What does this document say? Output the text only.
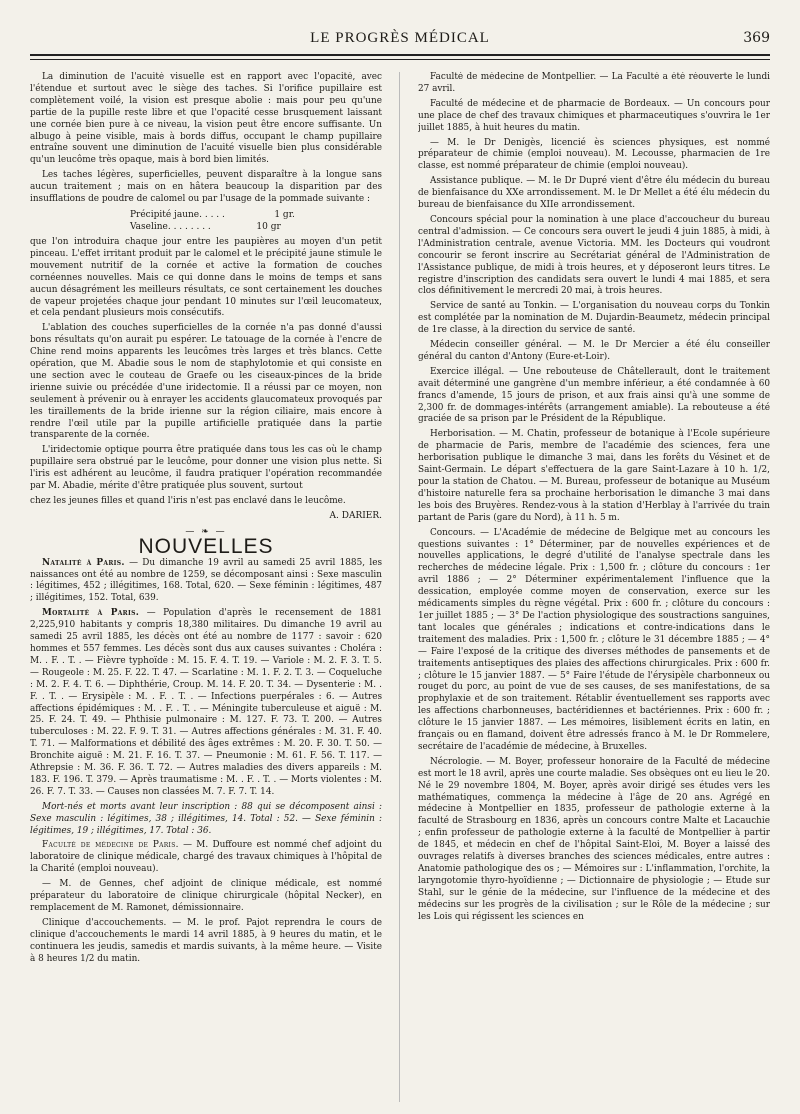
LE PROGRÈS MÉDICAL	369

La diminution de l'acuité visuelle est en rapport avec l'opacité, avec l'étendue et surtout avec le siège des taches. Si l'orifice pupillaire est complètement voilé, la vision est presque abolie : mais pour peu qu'une partie de la pupille reste libre et que l'opacité cesse brusquement laissant une cornée bien pure à ce niveau, la vision peut être encore suffisante. Un albugo à peine visible, mais à bords diffus, occupant le champ pupillaire entraîne souvent une diminution de l'acuité visuelle bien plus considérable qu'un leucôme très opaque, mais à bord bien limités.

Les taches légères, superficielles, peuvent disparaître à la longue sans aucun traitement ; mais on en hâtera beaucoup la disparition par des insufflations de poudre de calomel ou par l'usage de la pommade suivante :

Précipité jaune. . . . .	1 gr.
Vaseline. . . . . . . .	10 gr

que l'on introduira chaque jour entre les paupières au moyen d'un petit pinceau. L'effet irritant produit par le calomel et le précipité jaune stimule le mouvement nutritif de la cornée et active la formation de couches cornéennes nouvelles. Mais ce qui donne dans le moins de temps et sans aucun désagrément les meilleurs résultats, ce sont certainement les douches de vapeur projetées chaque jour pendant 10 minutes sur l'œil leucomateux, et cela pendant plusieurs mois consécutifs.

L'ablation des couches superficielles de la cornée n'a pas donné d'aussi bons résultats qu'on aurait pu espérer. Le tatouage de la cornée à l'encre de Chine rend moins apparents les leucômes très larges et très blancs. Cette opération, que M. Abadie sous le nom de staphylotomie et qui consiste en une section avec le couteau de Graefe ou les ciseaux-pinces de la bride irienne suivie ou précédée d'une iridectomie. Il a réussi par ce moyen, non seulement à prévenir ou à enrayer les accidents glaucomateux provoqués par les tiraillements de la bride irienne sur la région ciliaire, mais encore à rendre l'œil utile par la pupille artificielle pratiquée dans la partie transparente de la cornée.

L'iridectomie optique pourra être pratiquée dans tous les cas où le champ pupillaire sera obstrué par le leucôme, pour donner une vision plus nette. Si l'iris est adhérent au leucôme, il faudra pratiquer l'opération recommandée par M. Abadie, mérite d'être pratiquée plus souvent, surtout

chez les jeunes filles et quand l'iris n'est pas enclavé dans le leucôme.

A. DARIER.
— ❧ —
NOUVELLES

Natalité à Paris. — Du dimanche 19 avril au samedi 25 avril 1885, les naissances ont été au nombre de 1259, se décomposant ainsi : Sexe masculin : légitimes, 452 ; illégitimes, 168. Total, 620. — Sexe féminin : légitimes, 487 ; illégitimes, 152. Total, 639.

Mortalité à Paris. — Population d'après le recensement de 1881 2,225,910 habitants y compris 18,380 militaires. Du dimanche 19 avril au samedi 25 avril 1885, les décès ont été au nombre de 1177 : savoir : 620 hommes et 557 femmes. Les décès sont dus aux causes suivantes : Choléra : M. . F. . T. . — Fièvre typhoïde : M. 15. F. 4. T. 19. — Variole : M. 2. F. 3. T. 5. — Rougeole : M. 25. F. 22. T. 47. — Scarlatine : M. 1. F. 2. T. 3. — Coqueluche : M. 2. F. 4. T. 6. — Diphthérie, Croup. M. 14. F. 20. T. 34. — Dysenterie : M. . F. . T. . — Erysipèle : M. . F. . T. . — Infections puerpérales : 6. — Autres affections épidémiques : M. . F. . T. . — Méningite tuberculeuse et aiguë : M. 25. F. 24. T. 49. — Phthisie pulmonaire : M. 127. F. 73. T. 200. — Autres tuberculoses : M. 22. F. 9. T. 31. — Autres affections générales : M. 31. F. 40. T. 71. — Malformations et débilité des âges extrêmes : M. 20. F. 30. T. 50. — Bronchite aiguë : M. 21. F. 16. T. 37. — Pneumonie : M. 61. F. 56. T. 117. — Athrepsie : M. 36. F. 36. T. 72. — Autres maladies des divers appareils : M. 183. F. 196. T. 379. — Après traumatisme : M. . F. . T. . — Morts violentes : M. 26. F. 7. T. 33. — Causes non classées M. 7. F. 7. T. 14.

Mort-nés et morts avant leur inscription : 88 qui se décomposent ainsi : Sexe masculin : légitimes, 38 ; illégitimes, 14. Total : 52. — Sexe féminin : légitimes, 19 ; illégitimes, 17. Total : 36.

Faculté de médecine de Paris. — M. Duffoure est nommé chef adjoint du laboratoire de clinique médicale, chargé des travaux chimiques à l'hôpital de la Charité (emploi nouveau).

— M. de Gennes, chef adjoint de clinique médicale, est nommé préparateur du laboratoire de clinique chirurgicale (hôpital Necker), en remplacement de M. Ramonet, démissionnaire.

Clinique d'accouchements. — M. le prof. Pajot reprendra le cours de clinique d'accouchements le mardi 14 avril 1885, à 9 heures du matin, et le continuera les jeudis, samedis et mardis suivants, à la même heure. — Visite à 8 heures 1/2 du matin.

Faculté de médecine de Montpellier. — La Faculté a été réouverte le lundi 27 avril.

Faculté de médecine et de pharmacie de Bordeaux. — Un concours pour une place de chef des travaux chimiques et pharmaceutiques s'ouvrira le 1er juillet 1885, à huit heures du matin.

— M. le Dr Denigès, licencié ès sciences physiques, est nommé préparateur de chimie (emploi nouveau). M. Lecousse, pharmacien de 1re classe, est nommé préparateur de chimie (emploi nouveau).

Assistance publique. — M. le Dr Dupré vient d'être élu médecin du bureau de bienfaisance du XXe arrondissement. M. le Dr Mellet a été élu médecin du bureau de bienfaisance du XIIe arrondissement.

Concours spécial pour la nomination à une place d'accoucheur du bureau central d'admission. — Ce concours sera ouvert le jeudi 4 juin 1885, à midi, à l'Administration centrale, avenue Victoria. MM. les Docteurs qui voudront concourir se feront inscrire au Secrétariat général de l'Administration de l'Assistance publique, de midi à trois heures, et y déposeront leurs titres. Le registre d'inscription des candidats sera ouvert le lundi 4 mai 1885, et sera clos définitivement le mercredi 20 mai, à trois heures.

Service de santé au Tonkin. — L'organisation du nouveau corps du Tonkin est complétée par la nomination de M. Dujardin-Beaumetz, médecin principal de 1re classe, à la direction du service de santé.

Médecin conseiller général. — M. le Dr Mercier a été élu conseiller général du canton d'Antony (Eure-et-Loir).

Exercice illégal. — Une rebouteuse de Châtellerault, dont le traitement avait déterminé une gangrène d'un membre inférieur, a été condamnée à 60 francs d'amende, 15 jours de prison, et aux frais ainsi qu'à une somme de 2,300 fr. de dommages-intérêts (arrangement amiable). La rebouteuse a été graciée de sa prison par le Président de la République.

Herborisation. — M. Chatin, professeur de botanique à l'Ecole supérieure de pharmacie de Paris, membre de l'académie des sciences, fera une herborisation publique le dimanche 3 mai, dans les forêts du Vésinet et de Saint-Germain. Le départ s'effectuera de la gare Saint-Lazare à 10 h. 1/2, pour la station de Chatou. — M. Bureau, professeur de botanique au Muséum d'histoire naturelle fera sa prochaine herborisation le dimanche 3 mai dans les bois des Bruyères. Rendez-vous à la station d'Herblay à l'arrivée du train partant de Paris (gare du Nord), à 11 h. 5 m.

Concours. — L'Académie de médecine de Belgique met au concours les questions suivantes : 1° Déterminer, par de nouvelles expériences et de nouvelles applications, le degré d'utilité de l'analyse spectrale dans les recherches de médecine légale. Prix : 1,500 fr. ; clôture du concours : 1er avril 1886 ; — 2° Déterminer expérimentalement l'influence que la dessication, employée comme moyen de conservation, exerce sur les médicaments simples du règne végétal. Prix : 600 fr. ; clôture du concours : 1er juillet 1885 ; — 3° De l'action physiologique des soustractions sanguines, tant locales que générales ; indications et contre-indications dans le traitement des maladies. Prix : 1,500 fr. ; clôture le 31 décembre 1885 ; — 4° — Faire l'exposé de la critique des diverses méthodes de pansements et de traitements antiseptiques des plaies des affections chirurgicales. Prix : 600 fr. ; clôture le 15 janvier 1887. — 5° Faire l'étude de l'érysipèle charbonneux ou rouget du porc, au point de vue de ses causes, de ses manifestations, de sa prophylaxie et de son traitement. Rétablir éventuellement ses rapports avec les affections charbonneuses, bactéridiennes et bactériennes. Prix : 600 fr. ; clôture le 15 janvier 1887. — Les mémoires, lisiblement écrits en latin, en français ou en flamand, doivent être adressés franco à M. le Dr Rommelere, secrétaire de l'académie de médecine, à Bruxelles.

Nécrologie. — M. Boyer, professeur honoraire de la Faculté de médecine est mort le 18 avril, après une courte maladie. Ses obsèques ont eu lieu le 20. Né le 29 novembre 1804, M. Boyer, après avoir dirigé ses études vers les mathématiques, commença la médecine à l'âge de 20 ans. Agrégé en médecine à Montpellier en 1835, professeur de pathologie externe à la faculté de Strasbourg en 1836, après un concours contre Malte et Lacauchie ; enfin professeur de pathologie externe à la faculté de Montpellier à partir de 1845, et médecin en chef de l'hôpital Saint-Eloi, M. Boyer a laissé des ouvrages relatifs à diverses branches des sciences médicales, entre autres : Anatomie pathologique des os ; — Mémoires sur : L'inflammation, l'orchite, la laryngotomie thyro-hyoïdienne ; — Dictionnaire de physiologie ; — Etude sur Stahl, sur le génie de la médecine, sur l'influence de la médecine et des médecins sur les progrès de la civilisation ; sur le Rôle de la médecine ; sur les Lois qui régissent les sciences en
